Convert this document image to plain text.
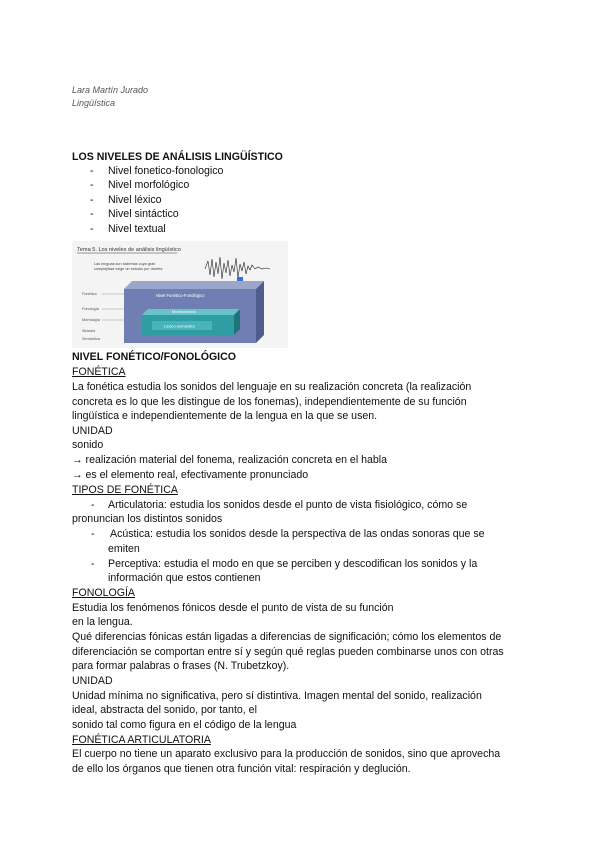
Lara Martín Jurado
Lingüística
LOS NIVELES DE ANÁLISIS LINGÜÍSTICO
- Nivel fonetico-fonologico
- Nivel morfológico
- Nivel léxico
- Nivel sintáctico
- Nivel textual
Tema 5. Los niveles de análisis lingüístico
Las lenguas son sistemas cuya gran
complejidad exige un estudio por niveles
Nivel Fonético-Fonológico
Morfosintaxis
Léxico-semántico
Fonética
Fonología
Morfología
Sintaxis
Semántica
NIVEL FONÉTICO/FONOLÓGICO
FONÉTICA
La fonética estudia los sonidos del lenguaje en su realización concreta (la realización
concreta es lo que les distingue de los fonemas), independientemente de su función
lingüística e independientemente de la lengua en la que se usen.
UNIDAD
sonido
→ realización material del fonema, realización concreta en el habla
→ es el elemento real, efectivamente pronunciado
TIPOS DE FONÉTICA
- Articulatoria: estudia los sonidos desde el punto de vista fisiológico, cómo se
pronuncian los distintos sonidos
- Acústica: estudia los sonidos desde la perspectiva de las ondas sonoras que se
emiten
- Perceptiva: estudia el modo en que se perciben y descodifican los sonidos y la
información que estos contienen
FONOLOGÍA
Estudia los fenómenos fónicos desde el punto de vista de su función
en la lengua.
Qué diferencias fónicas están ligadas a diferencias de significación; cómo los elementos de
diferenciación se comportan entre sí y según qué reglas pueden combinarse unos con otras
para formar palabras o frases (N. Trubetzkoy).
UNIDAD
Unidad mínima no significativa, pero sí distintiva. Imagen mental del sonido, realización
ideal, abstracta del sonido, por tanto, el
sonido tal como figura en el código de la lengua
FONÉTICA ARTICULATORIA
El cuerpo no tiene un aparato exclusivo para la producción de sonidos, sino que aprovecha
de ello los órganos que tienen otra función vital: respiración y deglución.
